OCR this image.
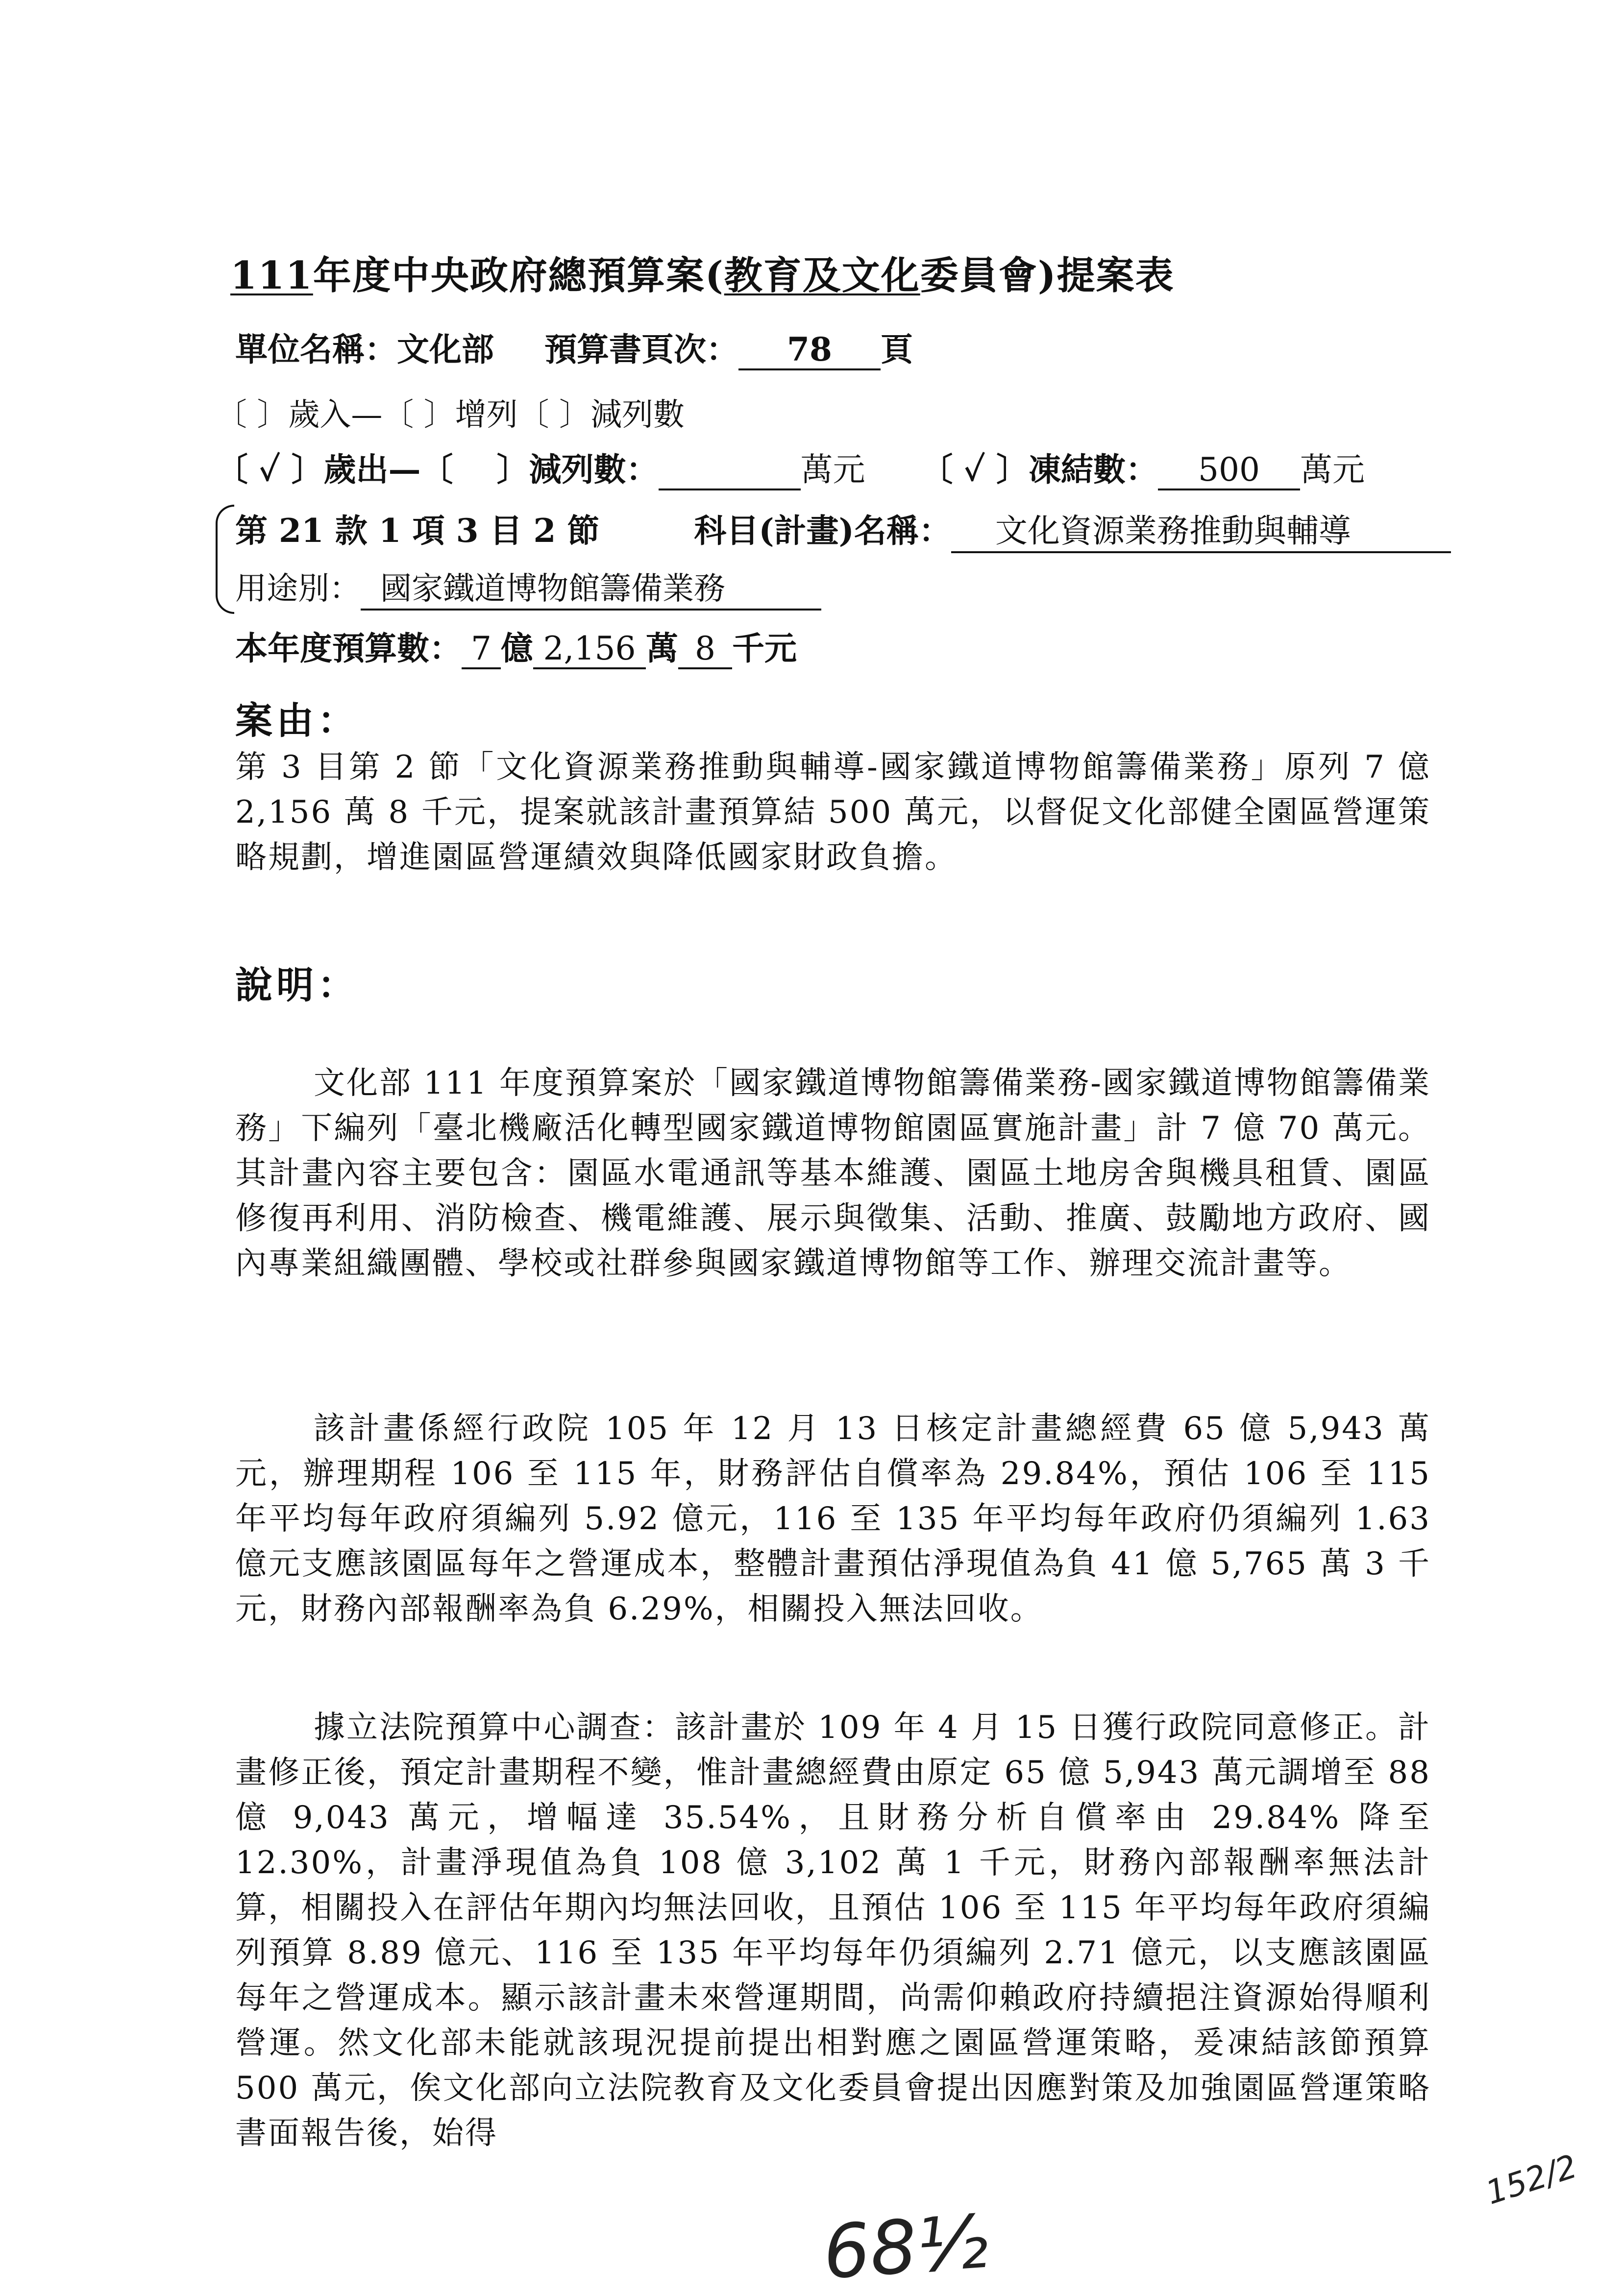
111年度中央政府總預算案(教育及文化委員會)提案表
單位名稱：文化部 預算書頁次： 78 頁
〔 〕歲入—〔 〕增列〔 〕減列數
〔 ✓ 〕歲出—〔　 〕減列數：	萬元 〔 ✓ 〕凍結數： 500 萬元
第 21 款 1 項 3 目 2 節	科目(計畫)名稱： 文化資源業務推動與輔導
用途別： 國家鐵道博物館籌備業務
本年度預算數： 7 億 2,156 萬 8 千元
案由：
第 3 目第 2 節「文化資源業務推動與輔導-國家鐵道博物館籌備業務」原列 7 億 2,156 萬 8 千元，提案就該計畫預算結 500 萬元，以督促文化部健全園區營運策略規劃，增進園區營運績效與降低國家財政負擔。
說明：
文化部 111 年度預算案於「國家鐵道博物館籌備業務-國家鐵道博物館籌備業務」下編列「臺北機廠活化轉型國家鐵道博物館園區實施計畫」計 7 億 70 萬元。其計畫內容主要包含：園區水電通訊等基本維護、園區土地房舍與機具租賃、園區修復再利用、消防檢查、機電維護、展示與徵集、活動、推廣、鼓勵地方政府、國內專業組織團體、學校或社群參與國家鐵道博物館等工作、辦理交流計畫等。
該計畫係經行政院 105 年 12 月 13 日核定計畫總經費 65 億 5,943 萬元，辦理期程 106 至 115 年，財務評估自償率為 29.84%，預估 106 至 115 年平均每年政府須編列 5.92 億元，116 至 135 年平均每年政府仍須編列 1.63 億元支應該園區每年之營運成本，整體計畫預估淨現值為負 41 億 5,765 萬 3 千元，財務內部報酬率為負 6.29%，相關投入無法回收。
據立法院預算中心調查：該計畫於 109 年 4 月 15 日獲行政院同意修正。計畫修正後，預定計畫期程不變，惟計畫總經費由原定 65 億 5,943 萬元調增至 88 億 9,043 萬元，增幅達 35.54%，且財務分析自償率由 29.84% 降至 12.30%，計畫淨現值為負 108 億 3,102 萬 1 千元，財務內部報酬率無法計算，相關投入在評估年期內均無法回收，且預估 106 至 115 年平均每年政府須編列預算 8.89 億元、116 至 135 年平均每年仍須編列 2.71 億元，以支應該園區每年之營運成本。顯示該計畫未來營運期間，尚需仰賴政府持續挹注資源始得順利營運。然文化部未能就該現況提前提出相對應之園區營運策略，爰凍結該節預算 500 萬元，俟文化部向立法院教育及文化委員會提出因應對策及加強園區營運策略書面報告後，始得
68½
152/2
